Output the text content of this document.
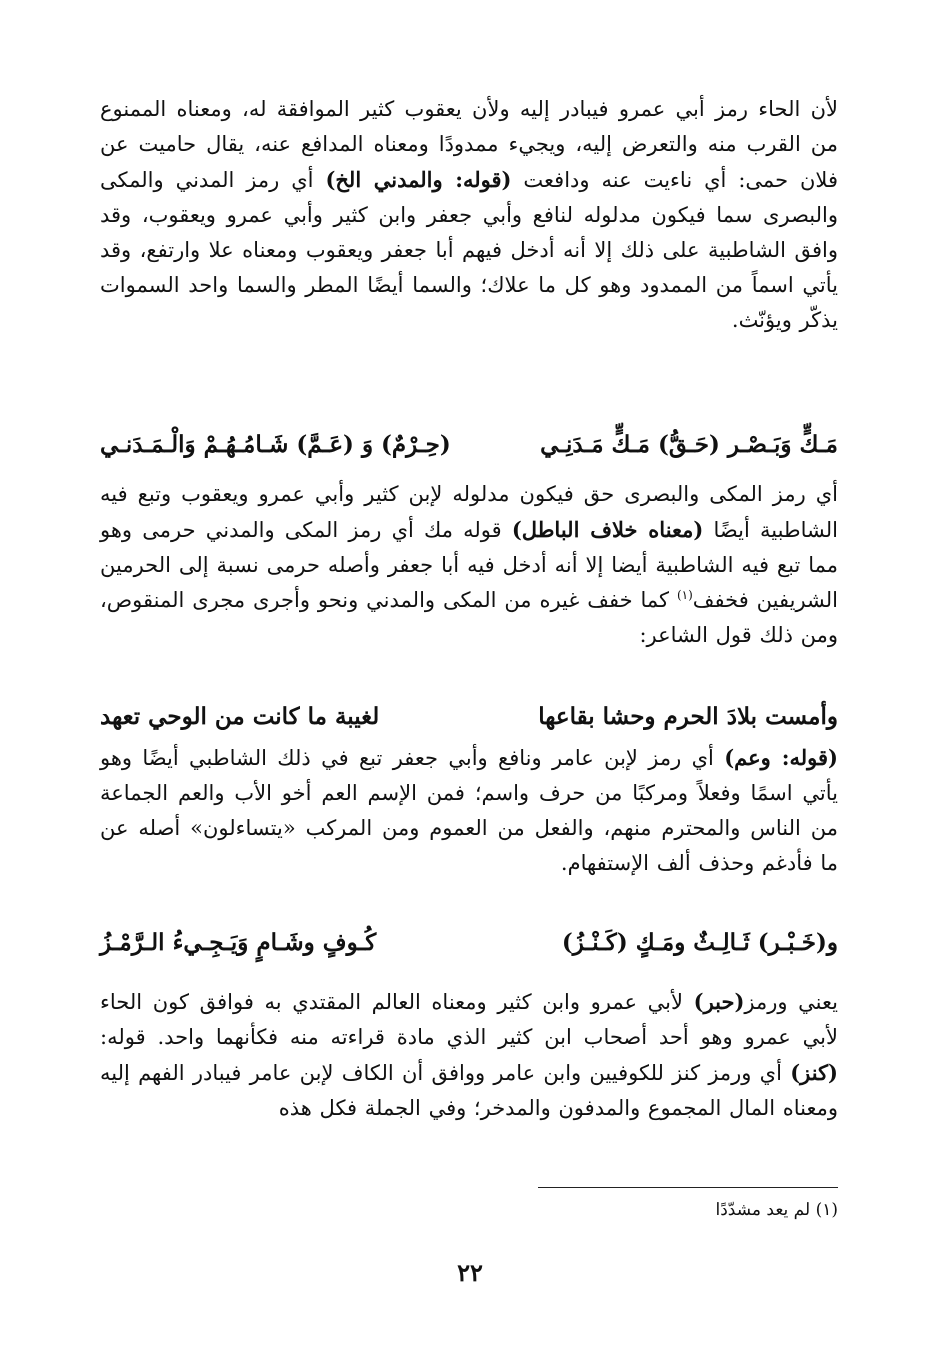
لأن الحاء رمز أبي عمرو فيبادر إليه ولأن يعقوب كثير الموافقة له، ومعناه الممنوع من القرب منه والتعرض إليه، ويجيء ممدودًا ومعناه المدافع عنه، يقال حاميت عن فلان حمى: أي ناءيت عنه ودافعت (قوله: والمدني الخ) أي رمز المدني والمكى والبصرى سما فيكون مدلوله لنافع وأبي جعفر وابن كثير وأبي عمرو ويعقوب، وقد وافق الشاطبية على ذلك إلا أنه أدخل فيهم أبا جعفر ويعقوب ومعناه علا وارتفع، وقد يأتي اسماً من الممدود وهو كل ما علاك؛ والسما أيضًا المطر والسما واحد السموات يذكّر ويؤنّث.

مَـكٍّ وَبَـصْـر (حَـقُّ) مَـكٍّ مَـدَنِـي
(حِـرْمٌ) وَ (عَـمَّ) شَـامُـهُـمْ وَالْـمَـدَنـي

أي رمز المكى والبصرى حق فيكون مدلوله لإبن كثير وأبي عمرو ويعقوب وتبع فيه الشاطبية أيضًا (معناه خلاف الباطل) قوله مك أي رمز المكى والمدني حرمى وهو مما تبع فيه الشاطبية أيضا إلا أنه أدخل فيه أبا جعفر وأصله حرمى نسبة إلى الحرمين الشريفين فخفف$^{(١)}$ كما خفف غيره من المكى والمدني ونحو وأجرى مجرى المنقوص، ومن ذلك قول الشاعر:

وأمست بلادَ الحرم وحشا بقاعها
لغيبة ما كانت من الوحي تعهد

(قوله: وعم) أي رمز لإبن عامر ونافع وأبي جعفر تبع في ذلك الشاطبي أيضًا وهو يأتي اسمًا وفعلاً ومركبًا من حرف واسم؛ فمن الإسم العم أخو الأب والعم الجماعة من الناس والمحترم منهم، والفعل من العموم ومن المركب «يتساءلون» أصله عن ما فأدغم وحذف ألف الإستفهام.

و(خَـبْـر) ثَـالِـثٌ ومَـكٍ (كَـنْـزُ)
كُـوفٍ وشَـامٍ وَيَـجِـيءُ الـرَّمْـزُ

يعني ورمز(حبر) لأبي عمرو وابن كثير ومعناه العالم المقتدي به فوافق كون الحاء لأبي عمرو وهو أحد أصحاب ابن كثير الذي مادة قراءته منه فكأنهما واحد. قوله: (كنز) أي ورمز كنز للكوفيين وابن عامر ووافق أن الكاف لإبن عامر فيبادر الفهم إليه ومعناه المال المجموع والمدفون والمدخر؛ وفي الجملة فكل هذه

(١) لم يعد مشدّدًا
٢٢
